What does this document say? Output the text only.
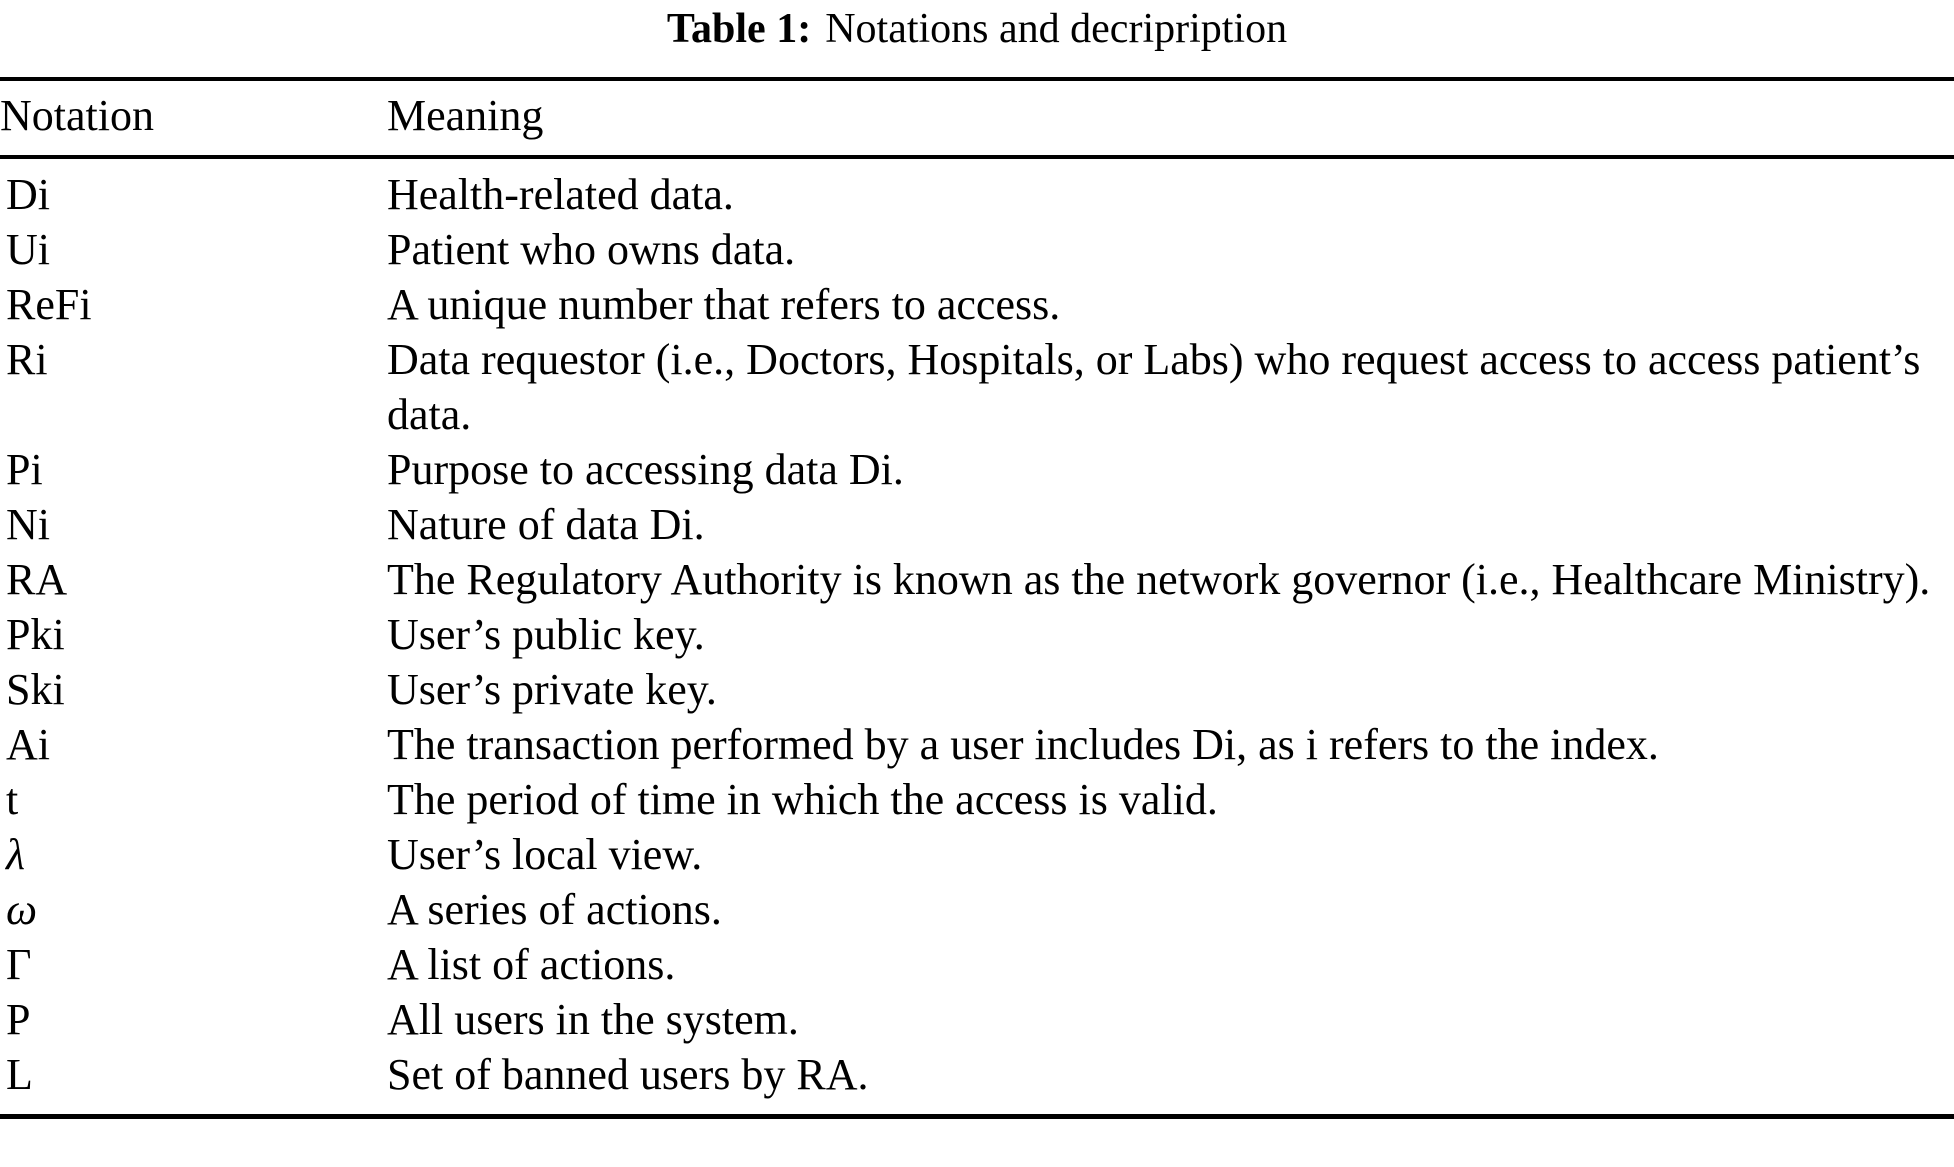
Table 1: Notations and decripription
Notation	Meaning
Di	Health-related data.
Ui	Patient who owns data.
ReFi	A unique number that refers to access.
Ri	Data requestor (i.e., Doctors, Hospitals, or Labs) who request access to access patient’s data.
Pi	Purpose to accessing data Di.
Ni	Nature of data Di.
RA	The Regulatory Authority is known as the network governor (i.e., Healthcare Ministry).
Pki	User’s public key.
Ski	User’s private key.
Ai	The transaction performed by a user includes Di, as i refers to the index.
t	The period of time in which the access is valid.
λ	User’s local view.
ω	A series of actions.
Γ	A list of actions.
P	All users in the system.
L	Set of banned users by RA.
